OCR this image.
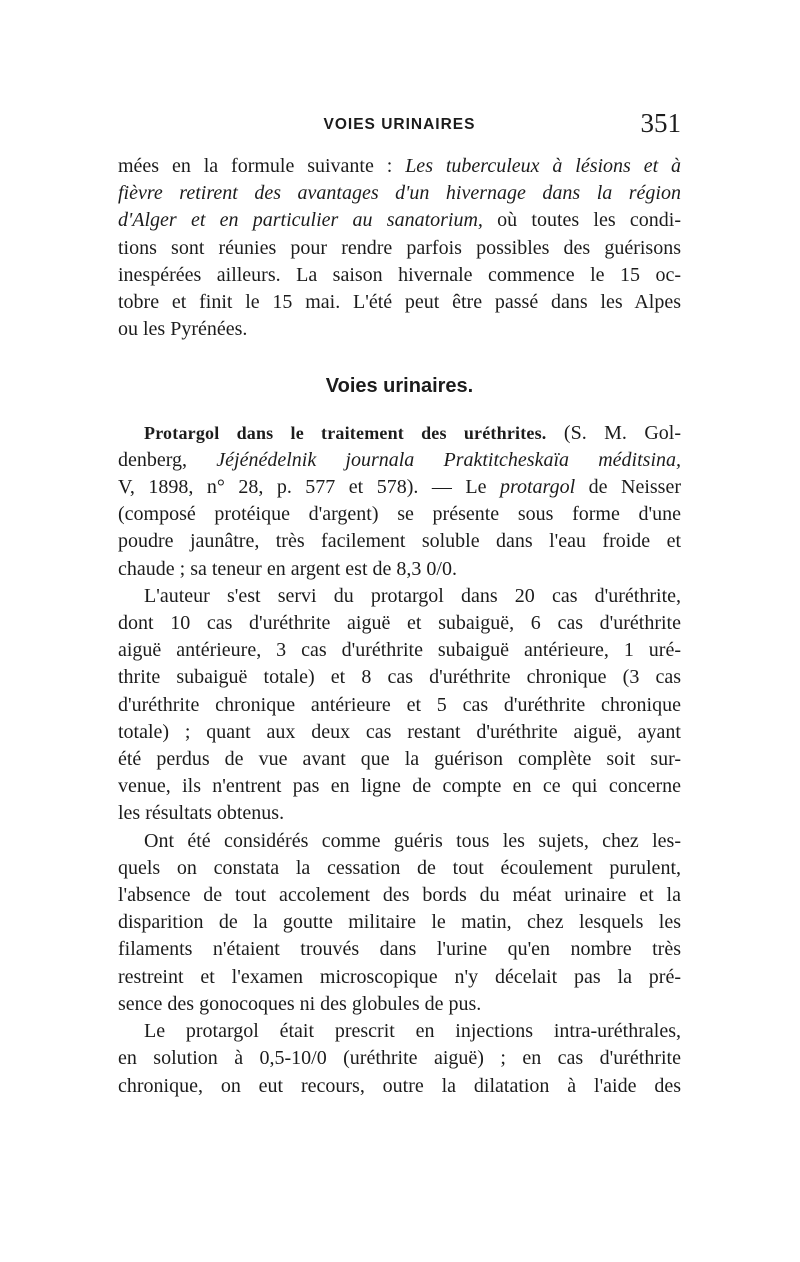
VOIES URINAIRES	351

mées en la formule suivante : Les tuberculeux à lésions et à

fièvre retirent des avantages d'un hivernage dans la région

d'Alger et en particulier au sanatorium, où toutes les condi-

tions sont réunies pour rendre parfois possibles des guérisons

inespérées ailleurs. La saison hivernale commence le 15 oc-

tobre et finit le 15 mai. L'été peut être passé dans les Alpes

ou les Pyrénées.

Voies urinaires.

Protargol dans le traitement des uréthrites. (S. M. Gol-

denberg, Jéjénédelnik journala Praktitcheskaïa méditsina,

V, 1898, n° 28, p. 577 et 578). — Le protargol de Neisser

(composé protéique d'argent) se présente sous forme d'une

poudre jaunâtre, très facilement soluble dans l'eau froide et

chaude ; sa teneur en argent est de 8,3 0/0.

L'auteur s'est servi du protargol dans 20 cas d'uréthrite,

dont 10 cas d'uréthrite aiguë et subaiguë, 6 cas d'uréthrite

aiguë antérieure, 3 cas d'uréthrite subaiguë antérieure, 1 uré-

thrite subaiguë totale) et 8 cas d'uréthrite chronique (3 cas

d'uréthrite chronique antérieure et 5 cas d'uréthrite chronique

totale) ; quant aux deux cas restant d'uréthrite aiguë, ayant

été perdus de vue avant que la guérison complète soit sur-

venue, ils n'entrent pas en ligne de compte en ce qui concerne

les résultats obtenus.

Ont été considérés comme guéris tous les sujets, chez les-

quels on constata la cessation de tout écoulement purulent,

l'absence de tout accolement des bords du méat urinaire et la

disparition de la goutte militaire le matin, chez lesquels les

filaments n'étaient trouvés dans l'urine qu'en nombre très

restreint et l'examen microscopique n'y décelait pas la pré-

sence des gonocoques ni des globules de pus.

Le protargol était prescrit en injections intra-uréthrales,

en solution à 0,5-10/0 (uréthrite aiguë) ; en cas d'uréthrite

chronique, on eut recours, outre la dilatation à l'aide des
